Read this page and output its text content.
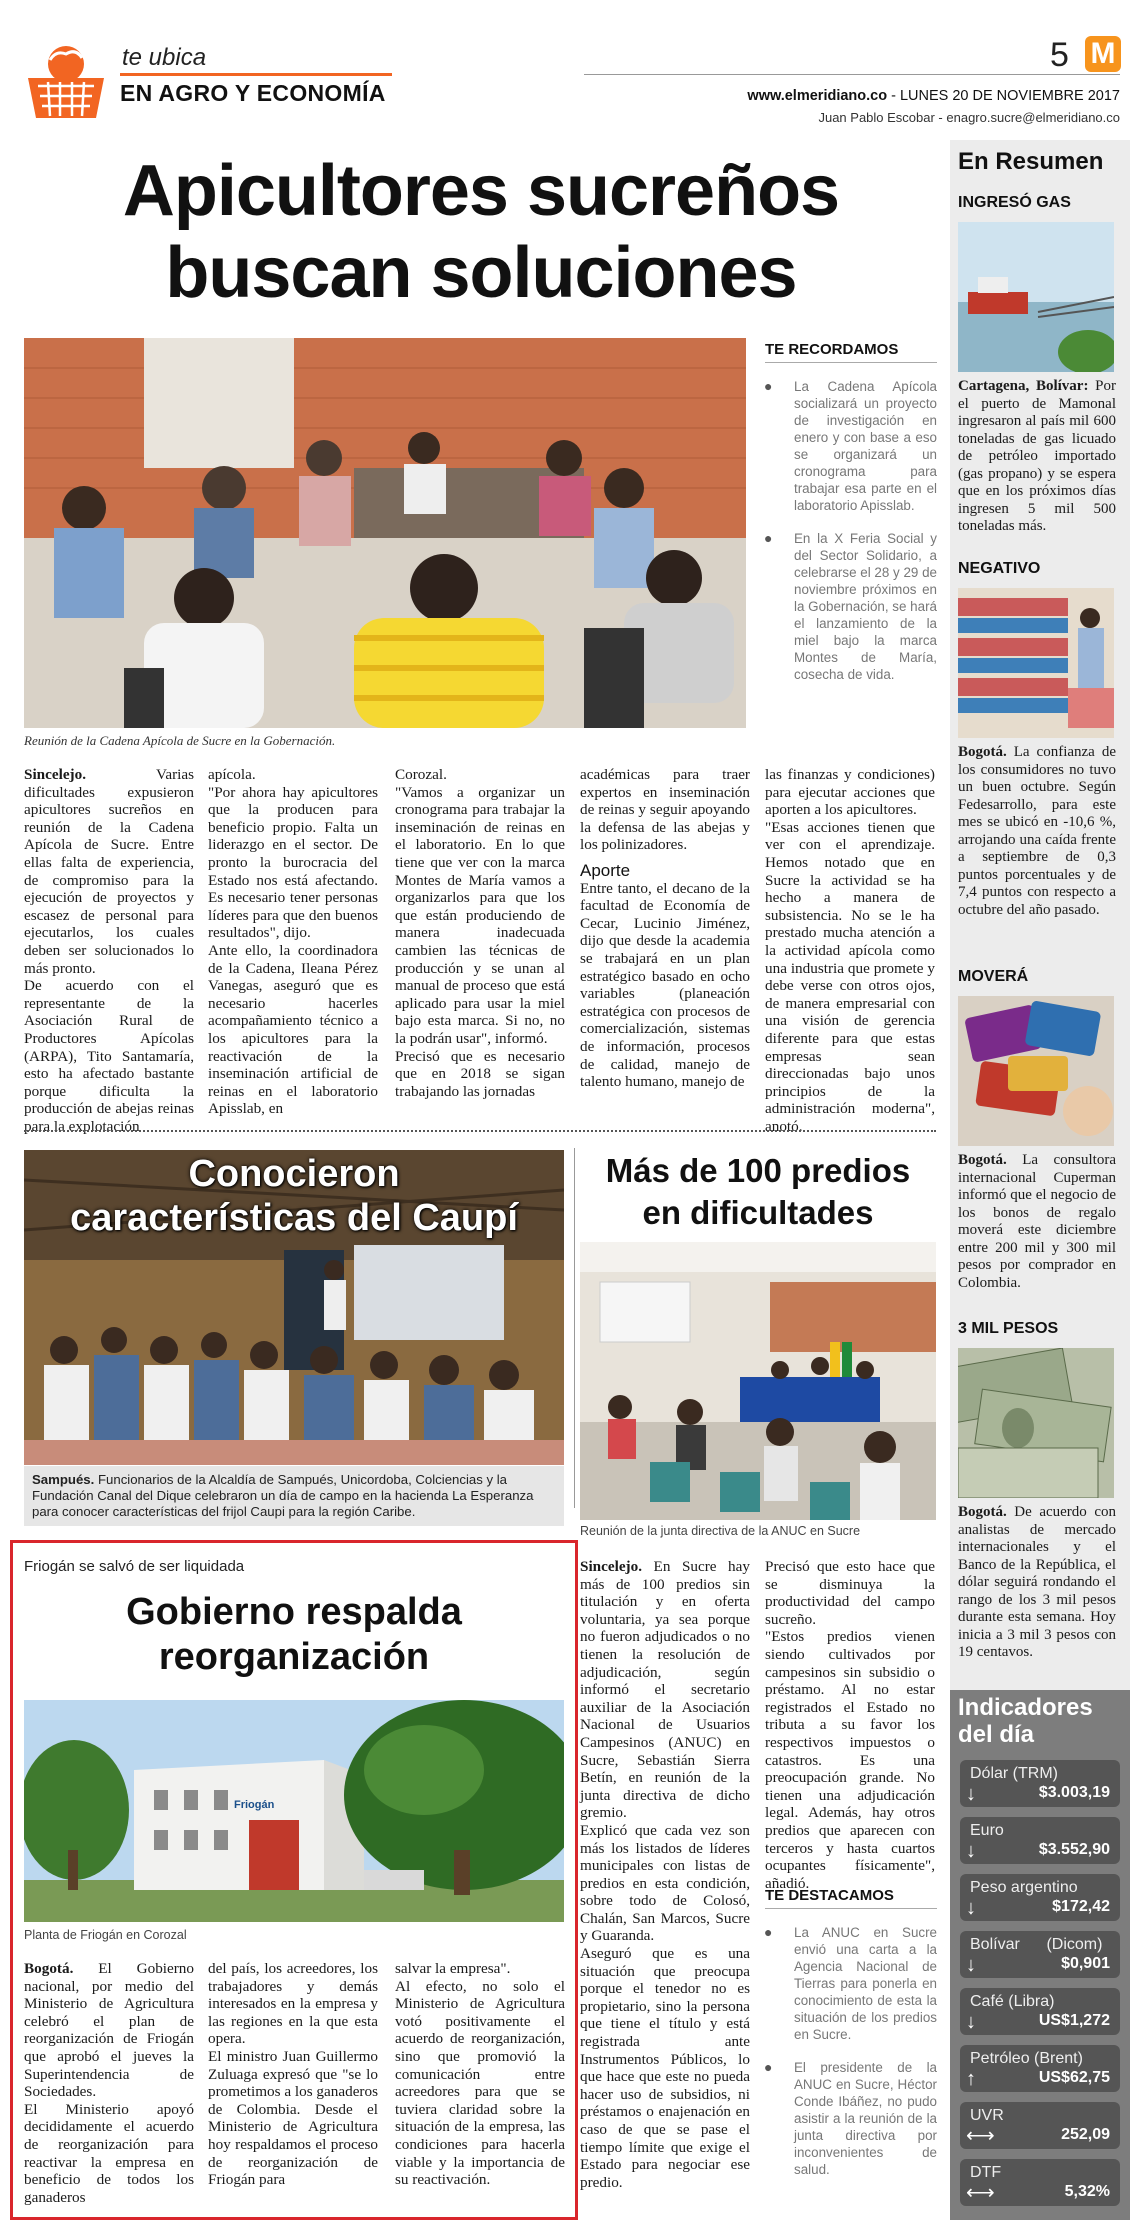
te ubica
EN AGRO Y ECONOMÍA
5 M
www.elmeridiano.co - LUNES 20 DE NOVIEMBRE 2017
Juan Pablo Escobar - enagro.sucre@elmeridiano.co
Apicultores sucreños
buscan soluciones
Reunión de la Cadena Apícola de Sucre en la Gobernación.

Sincelejo.	Varias dificultades expusieron apicultores sucreños en reunión de la Cadena Apícola de Sucre. Entre ellas falta de experiencia, de compromiso para la ejecución de proyectos y escasez de personal para ejecutarlos, los cuales deben ser solucionados lo más pronto.
De acuerdo con el representante de la Asociación Rural de Productores Apícolas (ARPA), Tito Santamaría, esto ha afectado bastante porque dificulta la producción de abejas reinas para la explotación

apícola.
"Por ahora hay apicultores que la producen para beneficio propio. Falta un liderazgo en el sector. De pronto la burocracia del Estado nos está afectando. Es necesario tener personas líderes para que den buenos resultados", dijo.
Ante ello, la coordinadora de la Cadena, Ileana Pérez Vanegas, aseguró que es necesario hacerles acompañamiento técnico a los apicultores para la reactivación de la inseminación artificial de reinas en el laboratorio Apisslab, en
Corozal.
"Vamos a organizar un cronograma para trabajar la inseminación de reinas en el laboratorio. En lo que tiene que ver con la marca Montes de María vamos a organizarlos para que los que están produciendo de manera inadecuada cambien las técnicas de producción y se unan al manual de proceso que está aplicado para usar la miel bajo esta marca. Si no, no la podrán usar", informó.
Precisó que es necesario que en 2018 se sigan trabajando las jornadas
académicas para traer expertos en inseminación de reinas y seguir apoyando la defensa de las abejas y los polinizadores.
Aporte
Entre tanto, el decano de la facultad de Economía de Cecar, Lucinio Jiménez, dijo que desde la academia se trabajará en un plan estratégico basado en ocho variables (planeación estratégica con procesos de comercialización, sistemas de información, procesos de calidad, manejo de talento humano, manejo de
las finanzas y condiciones) para ejecutar acciones que aporten a los apicultores.
"Esas acciones tienen que ver con el aprendizaje. Hemos notado que en Sucre la actividad se ha hecho a manera de subsistencia. No se le ha prestado mucha atención a la actividad apícola como una industria que promete y debe verse con otros ojos, de manera empresarial con una visión de gerencia diferente para que estas empresas sean direccionadas bajo unos principios de la administración moderna", anotó.
TE RECORDAMOS
● La Cadena Apícola socializará un proyecto de investigación en enero y con base a eso se organizará un cronograma para trabajar esa parte en el laboratorio Apisslab.
● En la X Feria Social y del Sector Solidario, a celebrarse el 28 y 29 de noviembre próximos en la Gobernación, se hará el lanzamiento de la miel bajo la marca Montes de María, cosecha de vida.
Conocieron
características del Caupí
Sampués. Funcionarios de la Alcaldía de Sampués, Unicordoba, Colciencias y la Fundación Canal del Dique celebraron un día de campo en la hacienda La Esperanza para conocer características del frijol Caupi para la región Caribe.
Más de 100 predios
en dificultades
Reunión de la junta directiva de la ANUC en Sucre
Sincelejo. En Sucre hay más de 100 predios sin titulación y en oferta voluntaria, ya sea porque no fueron adjudicados o no tienen la resolución de adjudicación, según informó el secretario auxiliar de la Asociación Nacional de Usuarios Campesinos (ANUC) en Sucre, Sebastián Sierra Betín, en reunión de la junta directiva de dicho gremio.
Explicó que cada vez son más los listados de líderes municipales con listas de predios en esta condición, sobre todo de Colosó, Chalán, San Marcos, Sucre y Guaranda.
Aseguró que es una situación que preocupa porque el tenedor no es propietario, sino la persona que tiene el título y está registrada ante Instrumentos Públicos, lo que hace que este no pueda hacer uso de subsidios, ni préstamos o enajenación en caso de que se pase el tiempo límite que exige el Estado para negociar ese predio.
Precisó que esto hace que se disminuya la productividad del campo sucreño.
"Estos predios vienen siendo cultivados por campesinos sin subsidio o préstamo. Al no estar registrados el Estado no tributa a su favor los respectivos impuestos o catastros. Es una preocupación grande. No tienen una adjudicación legal. Además, hay otros predios que aparecen con terceros y hasta cuartos ocupantes físicamente", añadió.
TE DESTACAMOS
● La ANUC en Sucre envió una carta a la Agencia Nacional de Tierras para ponerla en conocimiento de esta la situación de los predios en Sucre.
● El presidente de la ANUC en Sucre, Héctor Conde Ibáñez, no pudo asistir a la reunión de la junta directiva por inconvenientes de salud.
Friogán se salvó de ser liquidada
Gobierno respalda
reorganización
Friogán
Planta de Friogán en Corozal
Bogotá. El Gobierno nacional, por medio del Ministerio de Agricultura celebró el plan de reorganización de Friogán que aprobó el jueves la Superintendencia de Sociedades.
El Ministerio apoyó decididamente el acuerdo de reorganización para reactivar la empresa en beneficio de todos los ganaderos
del país, los acreedores, los trabajadores y demás interesados en la empresa y las regiones en la que esta opera.
El ministro Juan Guillermo Zuluaga expresó que "se lo prometimos a los ganaderos de Colombia. Desde el Ministerio de Agricultura hoy respaldamos el proceso de reorganización de Friogán para
salvar la empresa".
Al efecto, no solo el Ministerio de Agricultura votó positivamente el acuerdo de reorganización, sino que promovió la comunicación entre acreedores para que se tuviera claridad sobre la situación de la empresa, las condiciones para hacerla viable y la importancia de su reactivación.
En Resumen
INGRESÓ GAS
Cartagena, Bolívar: Por el puerto de Mamonal ingresaron al país mil 600 toneladas de gas licuado de petróleo importado (gas propano) y se espera que en los próximos días ingresen 5 mil 500 toneladas más.
NEGATIVO
Bogotá. La confianza de los consumidores no tuvo un buen octubre. Según Fedesarrollo, para este mes se ubicó en -10,6 %, arrojando una caída frente a septiembre de 0,3 puntos porcentuales y de 7,4 puntos con respecto a octubre del año pasado.
MOVERÁ
Bogotá. La consultora internacional Cuperman informó que el negocio de los bonos de regalo moverá este diciembre entre 200 mil y 300 mil pesos por comprador en Colombia.
3 MIL PESOS
Bogotá. De acuerdo con analistas de mercado internacionales y el Banco de la República, el dólar seguirá rondando el rango de los 3 mil pesos durante esta semana. Hoy inicia a 3 mil 3 pesos con 19 centavos.
Indicadores
del día
Dólar (TRM)
↓	$3.003,19
Euro
↓	$3.552,90
Peso argentino
↓	$172,42
Bolívar      (Dicom)
↓	$0,901
Café (Libra)
↓	US$1,272
Petróleo (Brent)
↑	US$62,75
UVR
⟷	252,09
DTF
⟷	5,32%
